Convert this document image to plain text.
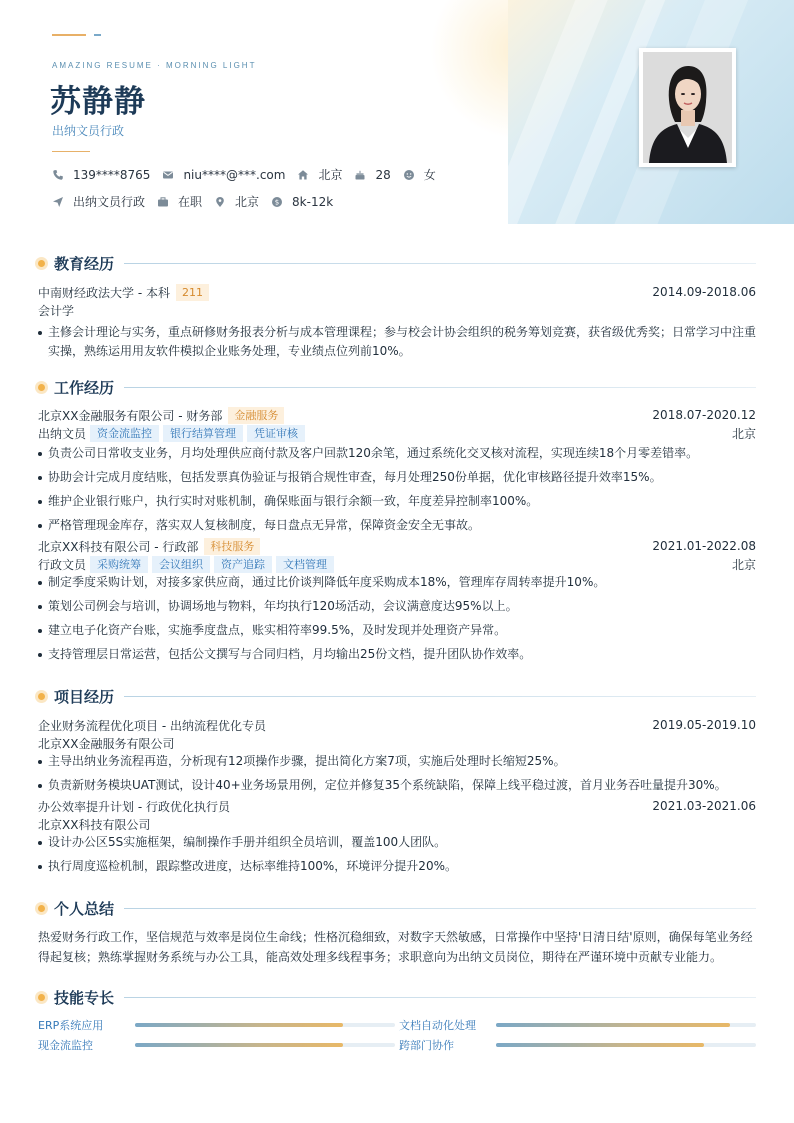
AMAZING RESUME · MORNING LIGHT
苏静静
出纳文员行政
139****8765	niu****@***.com	北京	28	女
出纳文员行政	在职	北京 $ 8k-12k
教育经历
中南财经政法大学 - 本科	211	2014.09-2018.06
会计学
主修会计理论与实务，重点研修财务报表分析与成本管理课程；参与校会计协会组织的税务筹划竞赛，获省级优秀奖；日常学习中注重实操，熟练运用用友软件模拟企业账务处理，专业绩点位列前10%。
工作经历
北京XX金融服务有限公司 - 财务部	金融服务	2018.07-2020.12
出纳文员	资金流监控	银行结算管理	凭证审核	北京
负责公司日常收支业务，月均处理供应商付款及客户回款120余笔，通过系统化交叉核对流程，实现连续18个月零差错率。
协助会计完成月度结账，包括发票真伪验证与报销合规性审查，每月处理250份单据，优化审核路径提升效率15%。
维护企业银行账户，执行实时对账机制，确保账面与银行余额一致，年度差异控制率100%。
严格管理现金库存，落实双人复核制度，每日盘点无异常，保障资金安全无事故。
北京XX科技有限公司 - 行政部	科技服务	2021.01-2022.08
行政文员	采购统筹	会议组织	资产追踪	文档管理	北京
制定季度采购计划，对接多家供应商，通过比价谈判降低年度采购成本18%，管理库存周转率提升10%。
策划公司例会与培训，协调场地与物料，年均执行120场活动，会议满意度达95%以上。
建立电子化资产台账，实施季度盘点，账实相符率99.5%，及时发现并处理资产异常。
支持管理层日常运营，包括公文撰写与合同归档，月均输出25份文档，提升团队协作效率。
项目经历
企业财务流程优化项目 - 出纳流程优化专员	2019.05-2019.10
北京XX金融服务有限公司
主导出纳业务流程再造，分析现有12项操作步骤，提出简化方案7项，实施后处理时长缩短25%。
负责新财务模块UAT测试，设计40+业务场景用例，定位并修复35个系统缺陷，保障上线平稳过渡，首月业务吞吐量提升30%。
办公效率提升计划 - 行政优化执行员	2021.03-2021.06
北京XX科技有限公司
设计办公区5S实施框架，编制操作手册并组织全员培训，覆盖100人团队。
执行周度巡检机制，跟踪整改进度，达标率维持100%，环境评分提升20%。
个人总结
热爱财务行政工作，坚信规范与效率是岗位生命线；性格沉稳细致，对数字天然敏感，日常操作中坚持'日清日结'原则，确保每笔业务经得起复核；熟练掌握财务系统与办公工具，能高效处理多线程事务；求职意向为出纳文员岗位，期待在严谨环境中贡献专业能力。
技能专长
ERP系统应用	文档自动化处理
现金流监控	跨部门协作
